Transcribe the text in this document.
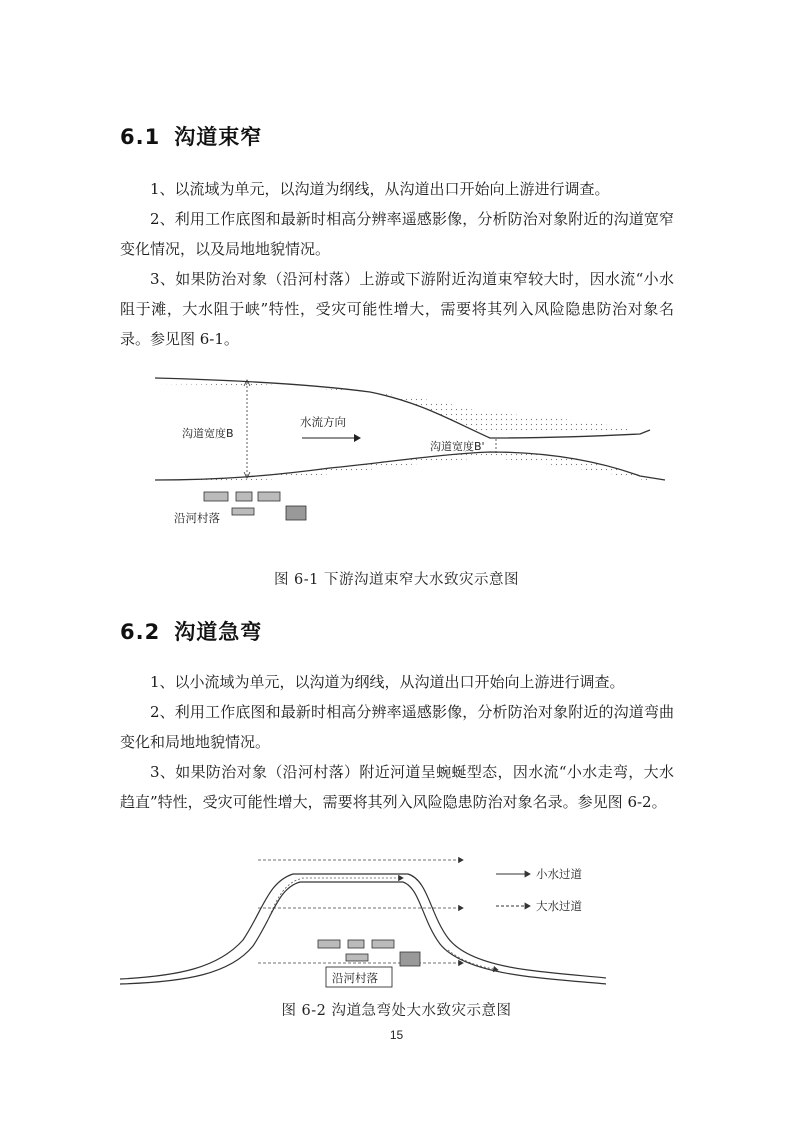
6.1 沟道束窄
1、以流域为单元，以沟道为纲线，从沟道出口开始向上游进行调查。
2、利用工作底图和最新时相高分辨率遥感影像，分析防治对象附近的沟道宽窄变化情况，以及局地地貌情况。
3、如果防治对象（沿河村落）上游或下游附近沟道束窄较大时，因水流“小水阻于滩，大水阻于峡”特性，受灾可能性增大，需要将其列入风险隐患防治对象名录。参见图 6-1。
沟道宽度B
水流方向
沟道宽度B'
沿河村落
图 6-1 下游沟道束窄大水致灾示意图
6.2 沟道急弯
1、以小流域为单元，以沟道为纲线，从沟道出口开始向上游进行调查。
2、利用工作底图和最新时相高分辨率遥感影像，分析防治对象附近的沟道弯曲变化和局地地貌情况。
3、如果防治对象（沿河村落）附近河道呈蜿蜒型态，因水流“小水走弯，大水趋直”特性，受灾可能性增大，需要将其列入风险隐患防治对象名录。参见图 6-2。
小水过道
大水过道
沿河村落
图 6-2 沟道急弯处大水致灾示意图
15
